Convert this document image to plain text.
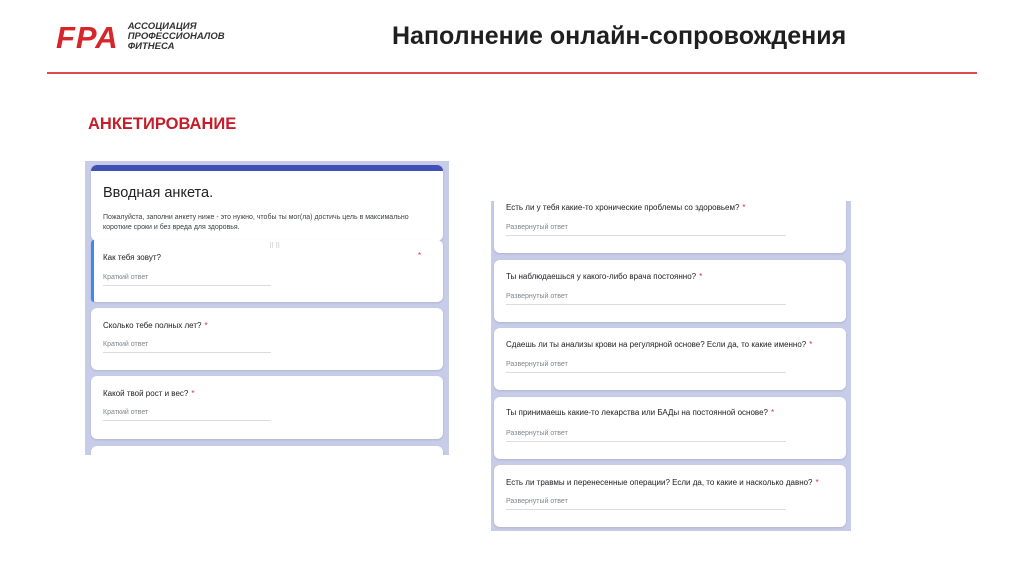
FPA АССОЦИАЦИЯ
ПРОФЕССИОНАЛОВ
ФИТНЕСА	Наполнение онлайн-сопровождения
АНКЕТИРОВАНИЕ
Вводная анкета.
Пожалуйста, заполни анкету ниже - это нужно, чтобы ты мог(ла) достичь цель в максимально короткие сроки и без вреда для здоровья.
⠿⠿
Как тебя зовут?	*
Краткий ответ
Сколько тебе полных лет? *
Краткий ответ
Какой твой рост и вес? *
Краткий ответ
Есть ли у тебя какие-то хронические проблемы со здоровьем? *
Развернутый ответ
Ты наблюдаешься у какого-либо врача постоянно? *
Развернутый ответ
Сдаешь ли ты анализы крови на регулярной основе? Если да, то какие именно? *
Развернутый ответ
Ты принимаешь какие-то лекарства или БАДы на постоянной основе? *
Развернутый ответ
Есть ли травмы и перенесенные операции? Если да, то какие и насколько давно? *
Развернутый ответ
